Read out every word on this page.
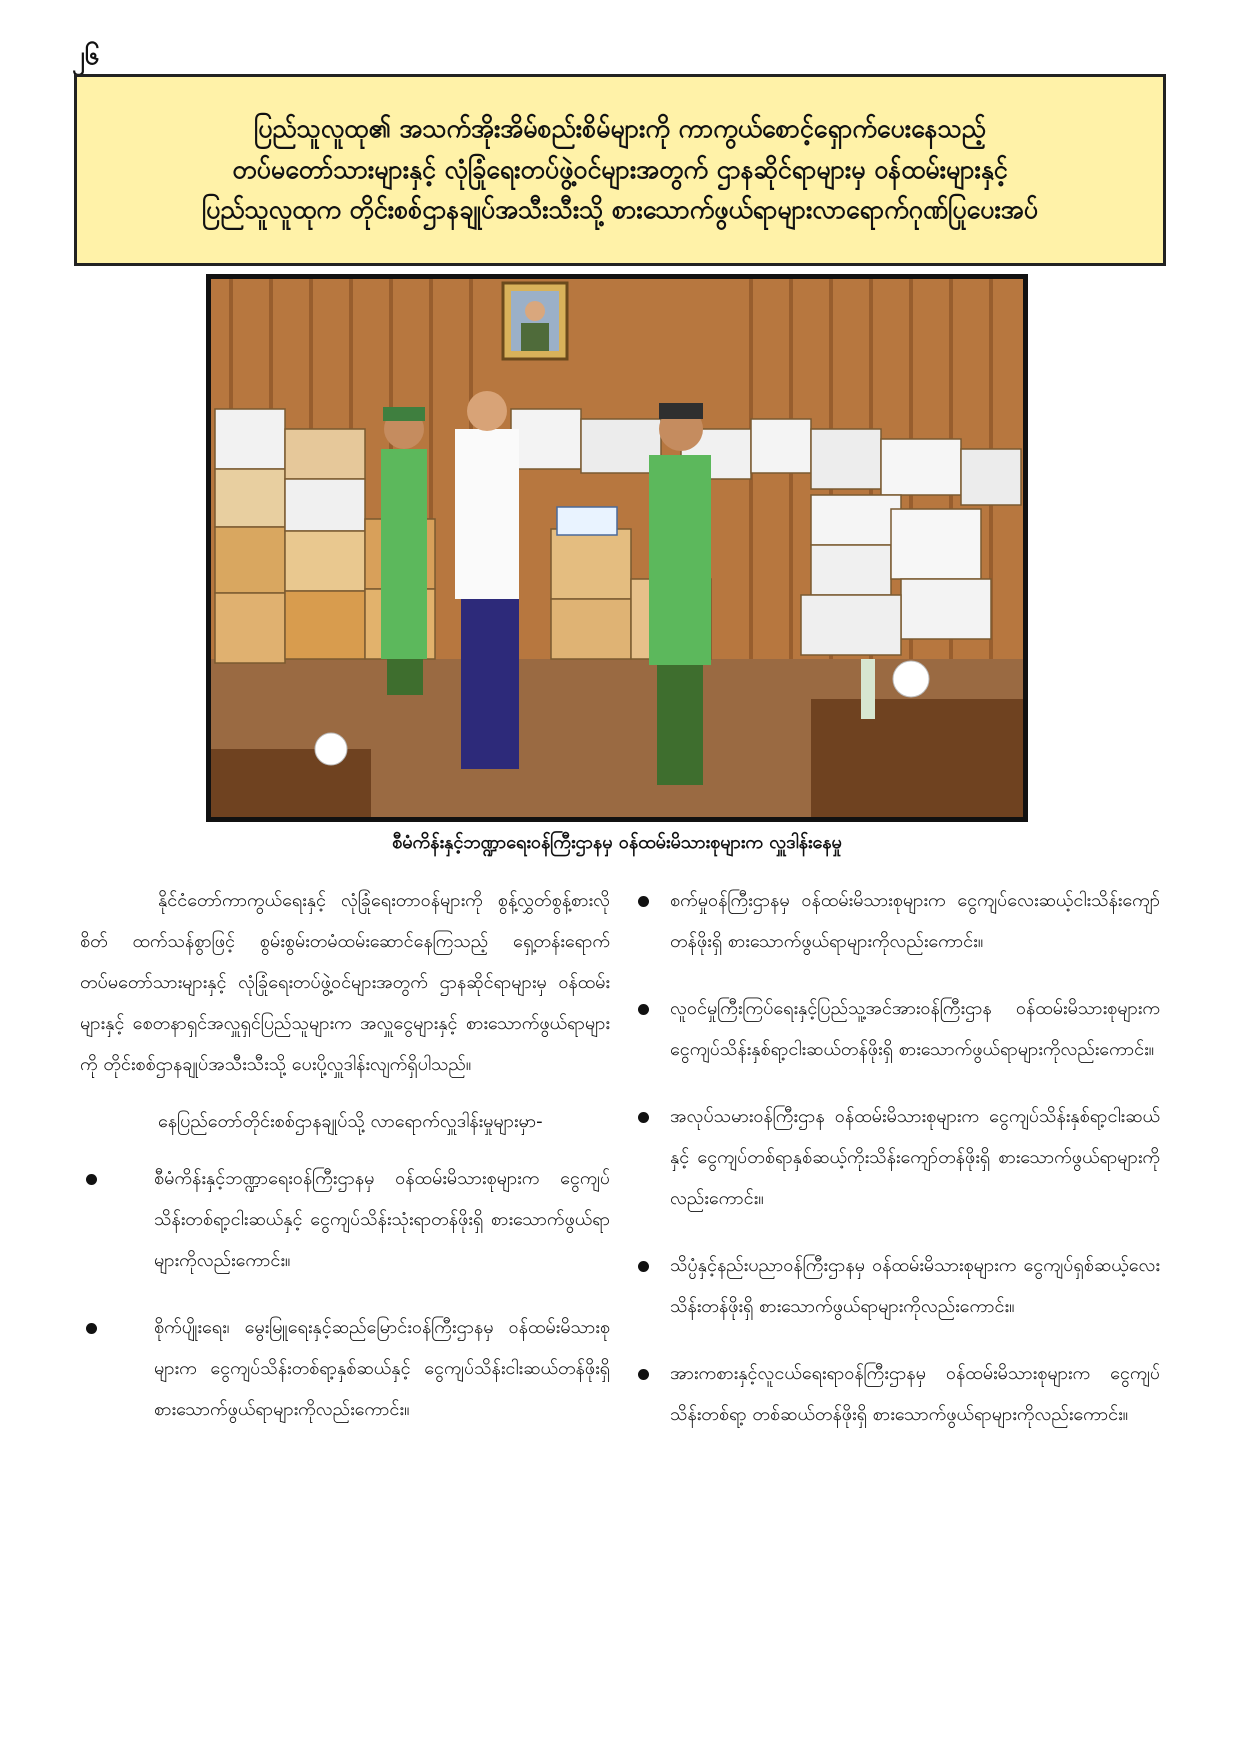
၂၆
ပြည်သူလူထု၏ အသက်အိုးအိမ်စည်းစိမ်များကို ကာကွယ်စောင့်ရှောက်ပေးနေသည့်
တပ်မတော်သားများနှင့် လုံခြုံရေးတပ်ဖွဲ့ဝင်များအတွက် ဌာနဆိုင်ရာများမှ ဝန်ထမ်းများနှင့်
ပြည်သူလူထုက တိုင်းစစ်ဌာနချုပ်အသီးသီးသို့ စားသောက်ဖွယ်ရာများလာရောက်ဂုဏ်ပြုပေးအပ်
စီမံကိန်းနှင့်ဘဏ္ဍာရေးဝန်ကြီးဌာနမှ ဝန်ထမ်းမိသားစုများက လှူဒါန်းနေမှု

နိုင်ငံတော်ကာကွယ်ရေးနှင့် လုံခြုံရေးတာဝန်များကို စွန့်လွှတ်စွန့်စားလိုစိတ် ထက်သန်စွာဖြင့် စွမ်းစွမ်းတမံထမ်းဆောင်နေကြသည့် ရှေ့တန်းရောက်တပ်မတော်သားများနှင့် လုံခြုံရေးတပ်ဖွဲ့ဝင်များအတွက် ဌာနဆိုင်ရာများမှ ဝန်ထမ်းများနှင့် စေတနာရှင်အလှူရှင်ပြည်သူများက အလှူငွေများနှင့် စားသောက်ဖွယ်ရာများကို တိုင်းစစ်ဌာနချုပ်အသီးသီးသို့ ပေးပို့လှူဒါန်းလျက်ရှိပါသည်။

နေပြည်တော်တိုင်းစစ်ဌာနချုပ်သို့ လာရောက်လှူဒါန်းမှုများမှာ-

စီမံကိန်းနှင့်ဘဏ္ဍာရေးဝန်ကြီးဌာနမှ ဝန်ထမ်းမိသားစုများက ငွေကျပ်သိန်းတစ်ရာ့ငါးဆယ်နှင့် ငွေကျပ်သိန်းသုံးရာတန်ဖိုးရှိ စားသောက်ဖွယ်ရာများကိုလည်းကောင်း။
စိုက်ပျိုးရေး၊ မွေးမြူရေးနှင့်ဆည်မြောင်းဝန်ကြီးဌာနမှ ဝန်ထမ်းမိသားစုများက ငွေကျပ်သိန်းတစ်ရာ့နှစ်ဆယ်နှင့် ငွေကျပ်သိန်းငါးဆယ်တန်ဖိုးရှိ စားသောက်ဖွယ်ရာများကိုလည်းကောင်း။
စက်မှုဝန်ကြီးဌာနမှ ဝန်ထမ်းမိသားစုများက ငွေကျပ်လေးဆယ့်ငါးသိန်းကျော်တန်ဖိုးရှိ စားသောက်ဖွယ်ရာများကိုလည်းကောင်း။
လူဝင်မှုကြီးကြပ်ရေးနှင့်ပြည်သူ့အင်အားဝန်ကြီးဌာန ဝန်ထမ်းမိသားစုများက ငွေကျပ်သိန်းနှစ်ရာ့ငါးဆယ်တန်ဖိုးရှိ စားသောက်ဖွယ်ရာများကိုလည်းကောင်း။
အလုပ်သမားဝန်ကြီးဌာန ဝန်ထမ်းမိသားစုများက ငွေကျပ်သိန်းနှစ်ရာ့ငါးဆယ်နှင့် ငွေကျပ်တစ်ရာနှစ်ဆယ့်ကိုးသိန်းကျော်တန်ဖိုးရှိ စားသောက်ဖွယ်ရာများကိုလည်းကောင်း။
သိပ္ပံနှင့်နည်းပညာဝန်ကြီးဌာနမှ ဝန်ထမ်းမိသားစုများက ငွေကျပ်ရှစ်ဆယ့်လေးသိန်းတန်ဖိုးရှိ စားသောက်ဖွယ်ရာများကိုလည်းကောင်း။
အားကစားနှင့်လူငယ်ရေးရာဝန်ကြီးဌာနမှ ဝန်ထမ်းမိသားစုများက ငွေကျပ်သိန်းတစ်ရာ့ တစ်ဆယ်တန်ဖိုးရှိ စားသောက်ဖွယ်ရာများကိုလည်းကောင်း။
